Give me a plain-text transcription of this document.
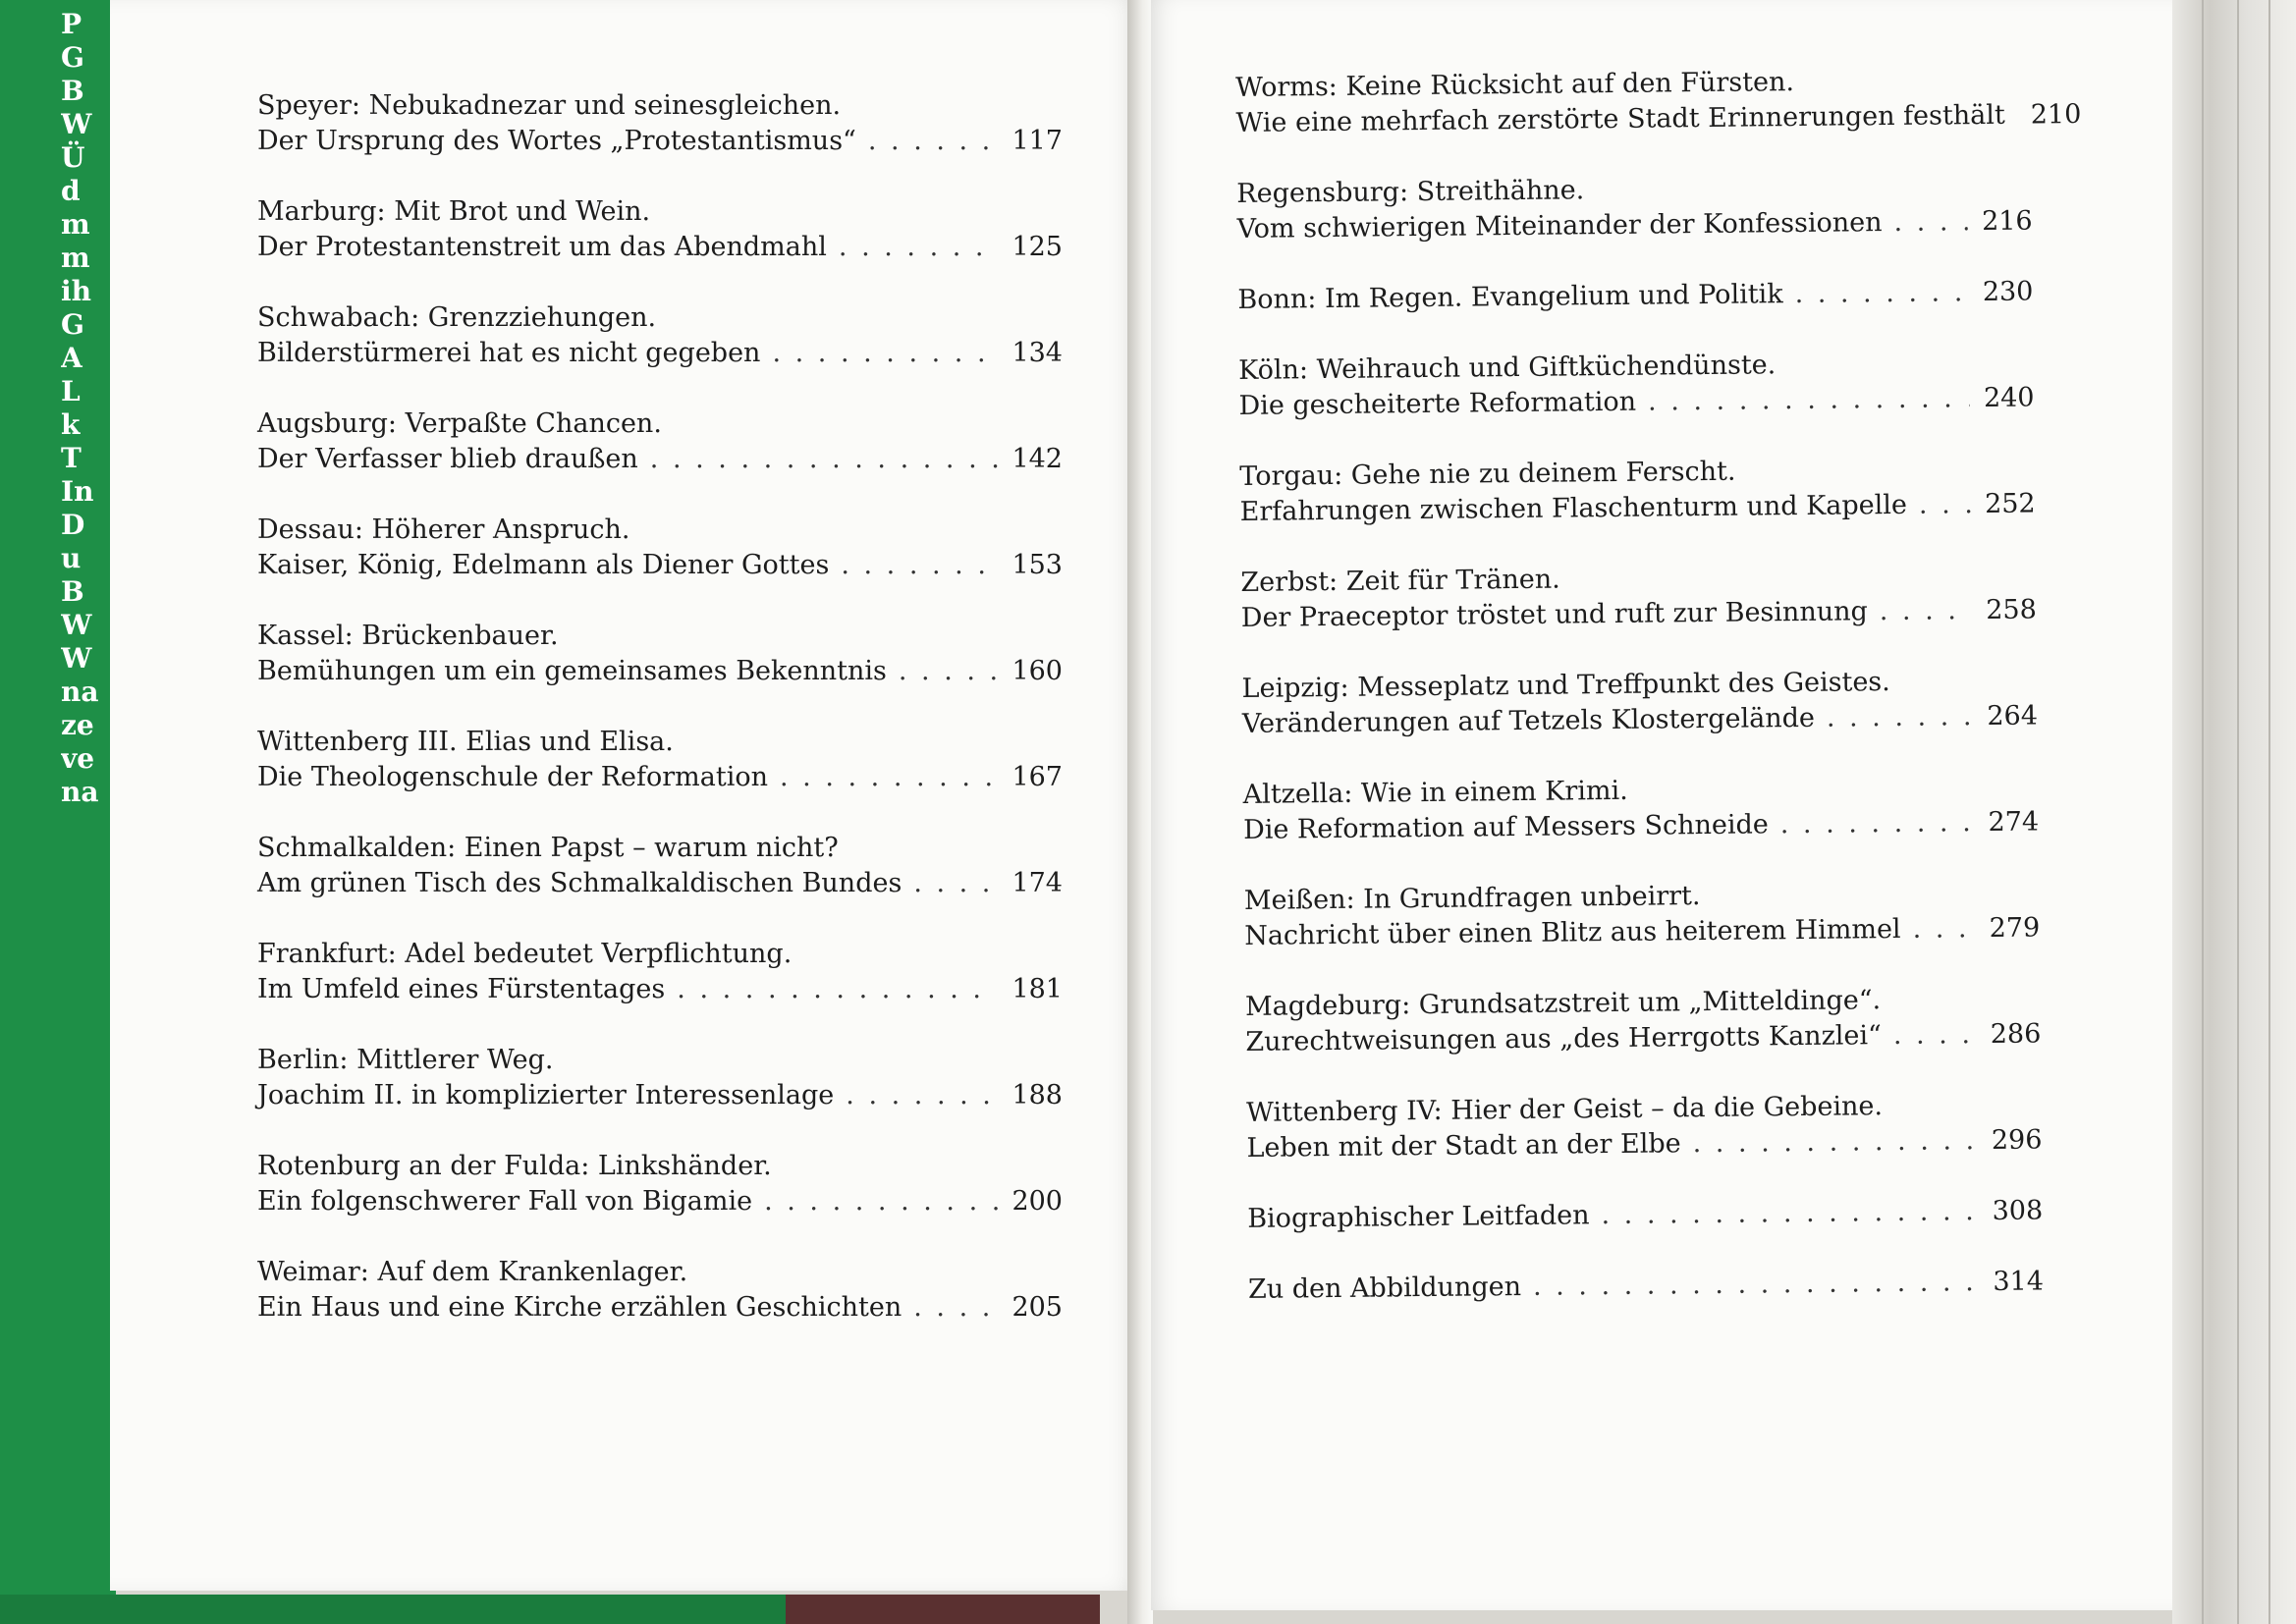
P
G
B
W
Ü
d
m
m
ih
G
A
L
k
T
In
D
u
B
W
W
na
ze
ve
na
Speyer: Nebukadnezar und seinesgleichen.
Der Ursprung des Wortes „Protestantismus“ . . .	117
Marburg: Mit Brot und Wein.
Der Protestantenstreit um das Abendmahl . . .	125
Schwabach: Grenzziehungen.
Bilderstürmerei hat es nicht gegeben . . .	134
Augsburg: Verpaßte Chancen.
Der Verfasser blieb draußen . . .	142
Dessau: Höherer Anspruch.
Kaiser, König, Edelmann als Diener Gottes . . .	153
Kassel: Brückenbauer.
Bemühungen um ein gemeinsames Bekenntnis . . .	160
Wittenberg III. Elias und Elisa.
Die Theologenschule der Reformation . . .	167
Schmalkalden: Einen Papst – warum nicht?
Am grünen Tisch des Schmalkaldischen Bundes . . .	174
Frankfurt: Adel bedeutet Verpflichtung.
Im Umfeld eines Fürstentages . . .	181
Berlin: Mittlerer Weg.
Joachim II. in komplizierter Interessenlage . . .	188
Rotenburg an der Fulda: Linkshänder.
Ein folgenschwerer Fall von Bigamie . . .	200
Weimar: Auf dem Krankenlager.
Ein Haus und eine Kirche erzählen Geschichten . . .	205
Worms: Keine Rücksicht auf den Fürsten.
Wie eine mehrfach zerstörte Stadt Erinnerungen festhält . . . 210
Regensburg: Streithähne.
Vom schwierigen Miteinander der Konfessionen . . .	216
Bonn: Im Regen. Evangelium und Politik . . .	230
Köln: Weihrauch und Giftküchendünste.
Die gescheiterte Reformation . . .	240
Torgau: Gehe nie zu deinem Ferscht.
Erfahrungen zwischen Flaschenturm und Kapelle . . .	252
Zerbst: Zeit für Tränen.
Der Praeceptor tröstet und ruft zur Besinnung . . .	258
Leipzig: Messeplatz und Treffpunkt des Geistes.
Veränderungen auf Tetzels Klostergelände . . .	264
Altzella: Wie in einem Krimi.
Die Reformation auf Messers Schneide . . .	274
Meißen: In Grundfragen unbeirrt.
Nachricht über einen Blitz aus heiterem Himmel . . .	279
Magdeburg: Grundsatzstreit um „Mitteldinge“.
Zurechtweisungen aus „des Herrgotts Kanzlei“ . . .	286
Wittenberg IV: Hier der Geist – da die Gebeine.
Leben mit der Stadt an der Elbe . . .	296
Biographischer Leitfaden . . .	308
Zu den Abbildungen . . .	314
